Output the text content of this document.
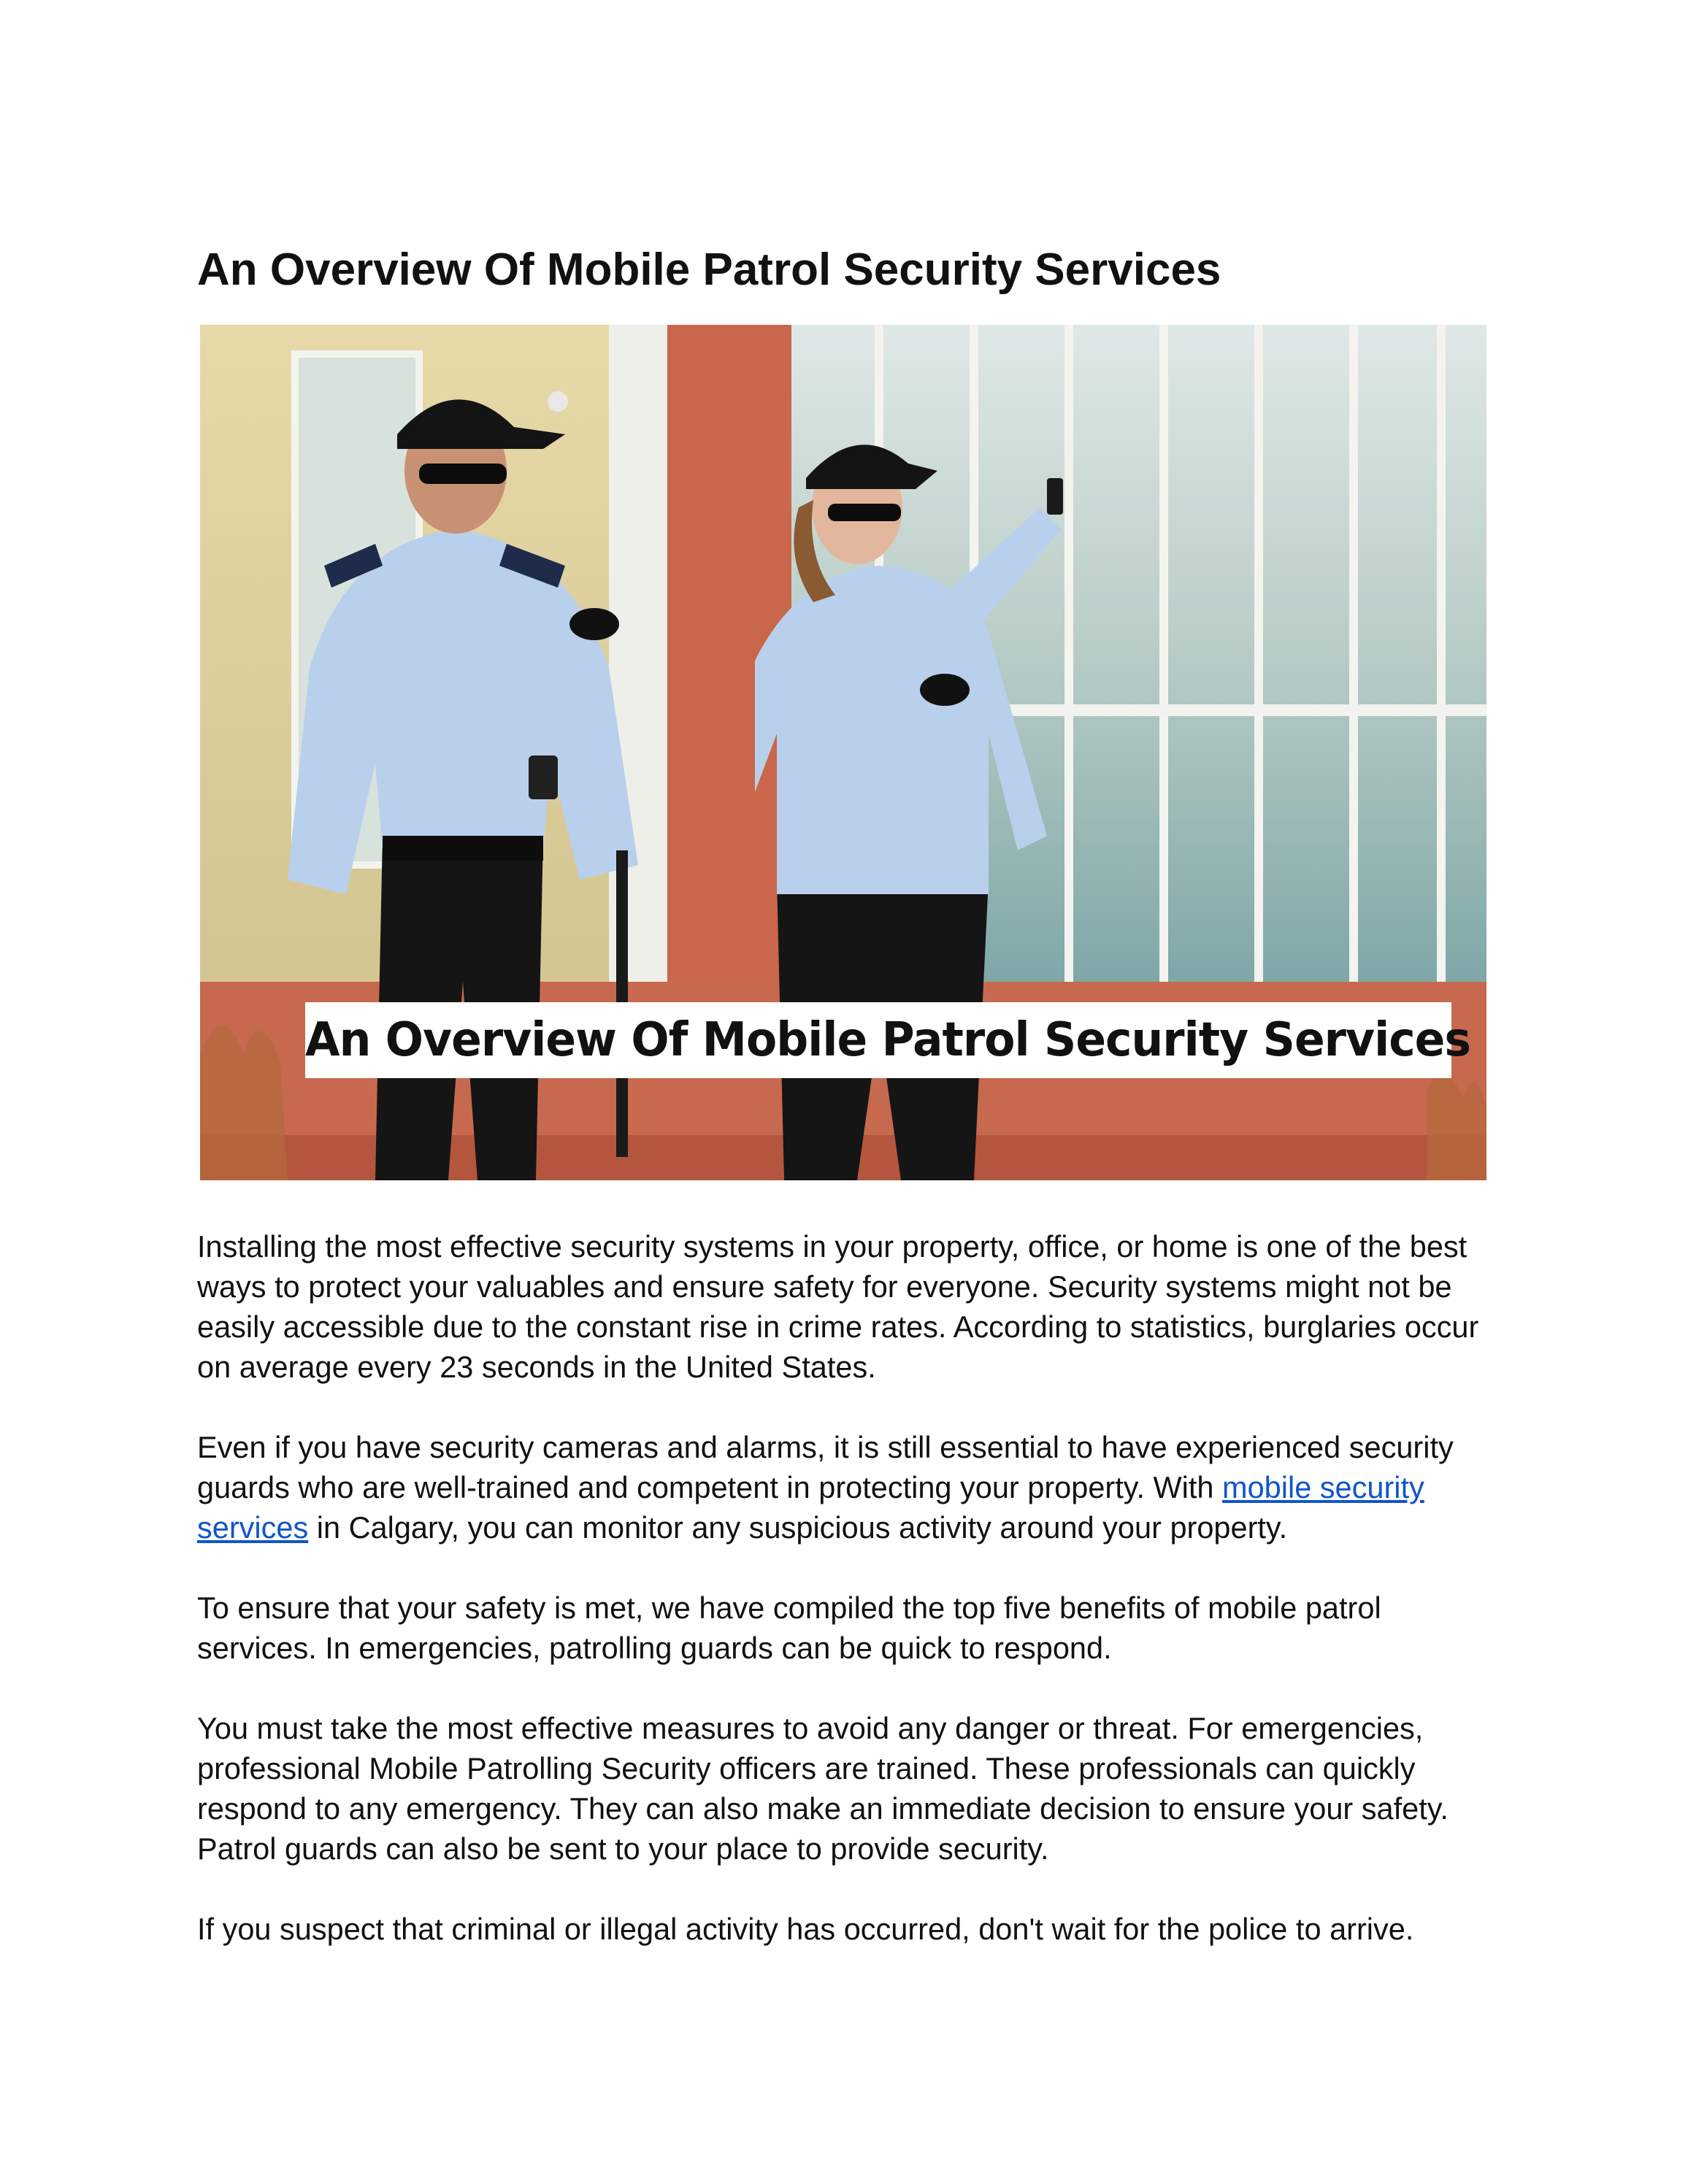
An Overview Of Mobile Patrol Security Services
An Overview Of Mobile Patrol Security Services

Installing the most effective security systems in your property, office, or home is one of the best ways to protect your valuables and ensure safety for everyone. Security systems might not be easily accessible due to the constant rise in crime rates. According to statistics, burglaries occur on average every 23 seconds in the United States.

Even if you have security cameras and alarms, it is still essential to have experienced security guards who are well-trained and competent in protecting your property. With mobile security services in Calgary, you can monitor any suspicious activity around your property.

To ensure that your safety is met, we have compiled the top five benefits of mobile patrol services. In emergencies, patrolling guards can be quick to respond.

You must take the most effective measures to avoid any danger or threat. For emergencies, professional Mobile Patrolling Security officers are trained. These professionals can quickly respond to any emergency. They can also make an immediate decision to ensure your safety. Patrol guards can also be sent to your place to provide security.

If you suspect that criminal or illegal activity has occurred, don't wait for the police to arrive.
